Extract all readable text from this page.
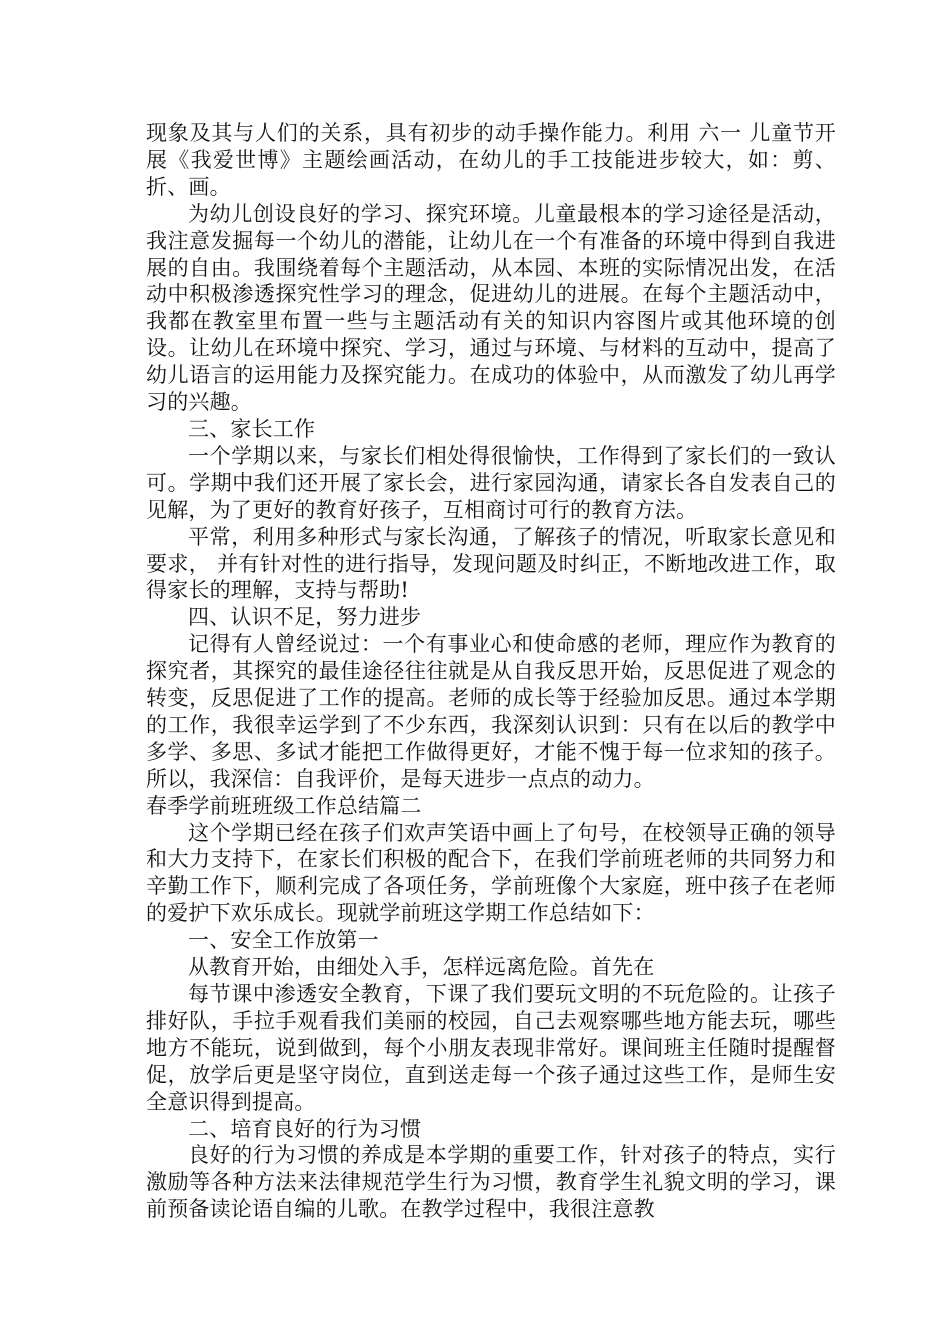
现象及其与人们的关系，具有初步的动手操作能力。利用 六一 儿童节开展《我爱世博》主题绘画活动，在幼儿的手工技能进步较大，如：剪、折、画。

为幼儿创设良好的学习、探究环境。儿童最根本的学习途径是活动，我注意发掘每一个幼儿的潜能，让幼儿在一个有准备的环境中得到自我进展的自由。我围绕着每个主题活动，从本园、本班的实际情况出发，在活动中积极渗透探究性学习的理念，促进幼儿的进展。在每个主题活动中，我都在教室里布置一些与主题活动有关的知识内容图片或其他环境的创设。让幼儿在环境中探究、学习，通过与环境、与材料的互动中，提高了幼儿语言的运用能力及探究能力。在成功的体验中，从而激发了幼儿再学习的兴趣。

三、家长工作

一个学期以来，与家长们相处得很愉快，工作得到了家长们的一致认可。学期中我们还开展了家长会，进行家园沟通，请家长各自发表自己的见解，为了更好的教育好孩子，互相商讨可行的教育方法。

平常，利用多种形式与家长沟通，了解孩子的情况，听取家长意见和要求， 并有针对性的进行指导，发现问题及时纠正，不断地改进工作，取得家长的理解，支持与帮助!

四、认识不足，努力进步

记得有人曾经说过：一个有事业心和使命感的老师，理应作为教育的探究者，其探究的最佳途径往往就是从自我反思开始，反思促进了观念的转变，反思促进了工作的提高。老师的成长等于经验加反思。通过本学期的工作，我很幸运学到了不少东西，我深刻认识到：只有在以后的教学中多学、多思、多试才能把工作做得更好，才能不愧于每一位求知的孩子。所以，我深信：自我评价，是每天进步一点点的动力。

春季学前班班级工作总结篇二

这个学期已经在孩子们欢声笑语中画上了句号，在校领导正确的领导和大力支持下，在家长们积极的配合下，在我们学前班老师的共同努力和辛勤工作下，顺利完成了各项任务，学前班像个大家庭，班中孩子在老师的爱护下欢乐成长。现就学前班这学期工作总结如下：

一、安全工作放第一

从教育开始，由细处入手，怎样远离危险。首先在

每节课中渗透安全教育，下课了我们要玩文明的不玩危险的。让孩子排好队，手拉手观看我们美丽的校园，自己去观察哪些地方能去玩，哪些地方不能玩，说到做到，每个小朋友表现非常好。课间班主任随时提醒督促，放学后更是坚守岗位，直到送走每一个孩子通过这些工作，是师生安全意识得到提高。

二、培育良好的行为习惯

良好的行为习惯的养成是本学期的重要工作，针对孩子的特点，实行激励等各种方法来法律规范学生行为习惯，教育学生礼貌文明的学习，课前预备读论语自编的儿歌。在教学过程中，我很注意教
